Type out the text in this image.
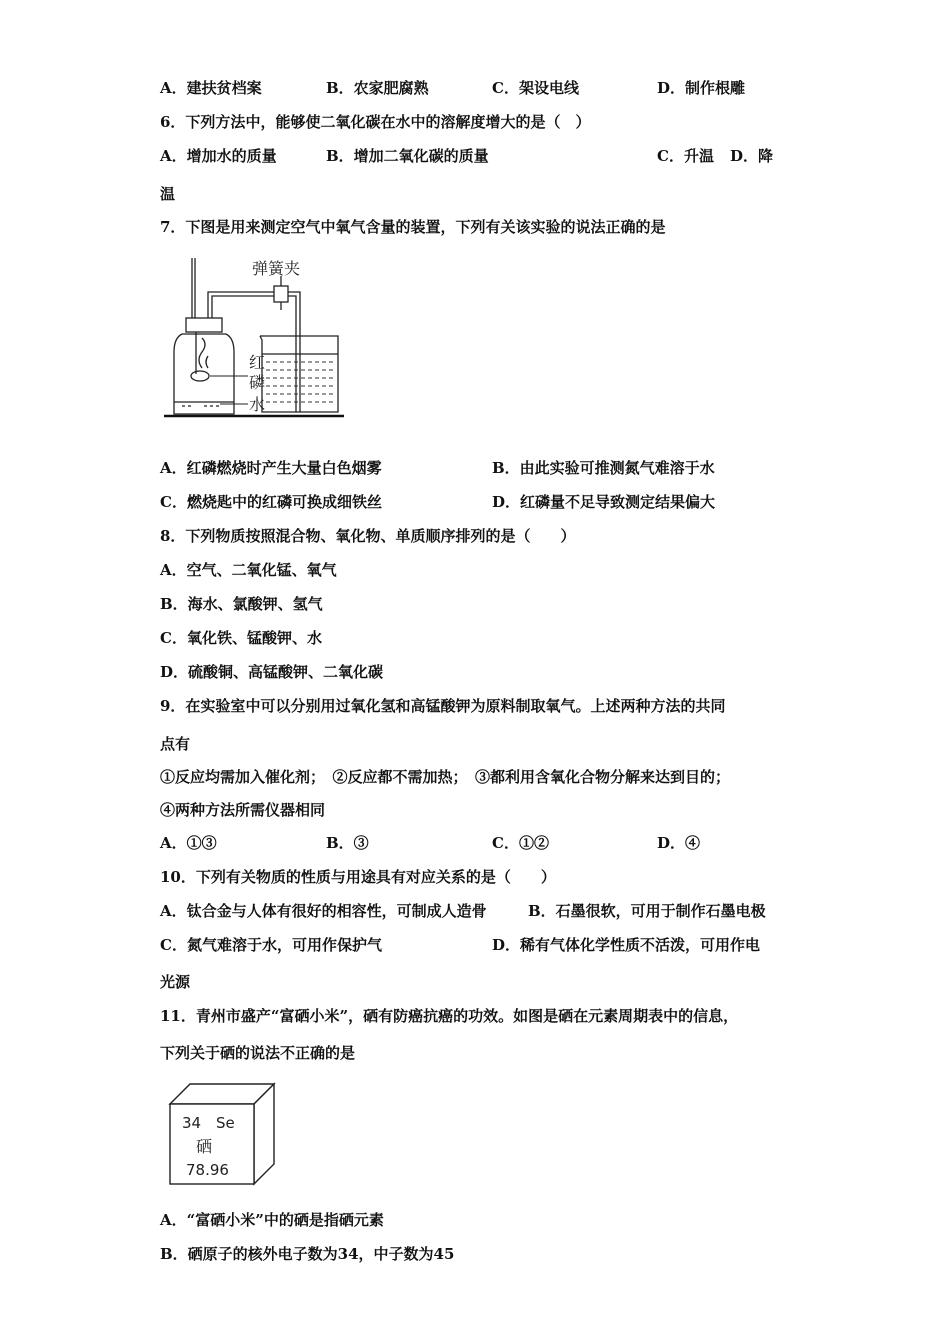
A．建扶贫档案	B．农家肥腐熟	C．架设电线	D．制作根雕
6．下列方法中，能够使二氧化碳在水中的溶解度增大的是（　）
A．增加水的质量	B．增加二氧化碳的质量	C．升温 D．降
温
7．下图是用来测定空气中氧气含量的装置，下列有关该实验的说法正确的是
弹簧夹
红
磷
水
A．红磷燃烧时产生大量白色烟雾	B．由此实验可推测氮气难溶于水
C．燃烧匙中的红磷可换成细铁丝	D．红磷量不足导致测定结果偏大
8．下列物质按照混合物、氧化物、单质顺序排列的是（　　）
A．空气、二氧化锰、氧气
B．海水、氯酸钾、氢气
C．氧化铁、锰酸钾、水
D．硫酸铜、高锰酸钾、二氧化碳
9．在实验室中可以分别用过氧化氢和高锰酸钾为原料制取氧气。上述两种方法的共同
点有
①反应均需加入催化剂；　②反应都不需加热；　③都利用含氧化合物分解来达到目的；
④两种方法所需仪器相同
A．①③	B．③	C．①②	D．④
10．下列有关物质的性质与用途具有对应关系的是（　　）
A．钛合金与人体有很好的相容性，可制成人造骨	B．石墨很软，可用于制作石墨电极
C．氮气难溶于水，可用作保护气	D．稀有气体化学性质不活泼，可用作电
光源
11．青州市盛产“富硒小米”，硒有防癌抗癌的功效。如图是硒在元素周期表中的信息，
下列关于硒的说法不正确的是
34 Se
硒
78.96
A．“富硒小米”中的硒是指硒元素
B．硒原子的核外电子数为34，中子数为45
